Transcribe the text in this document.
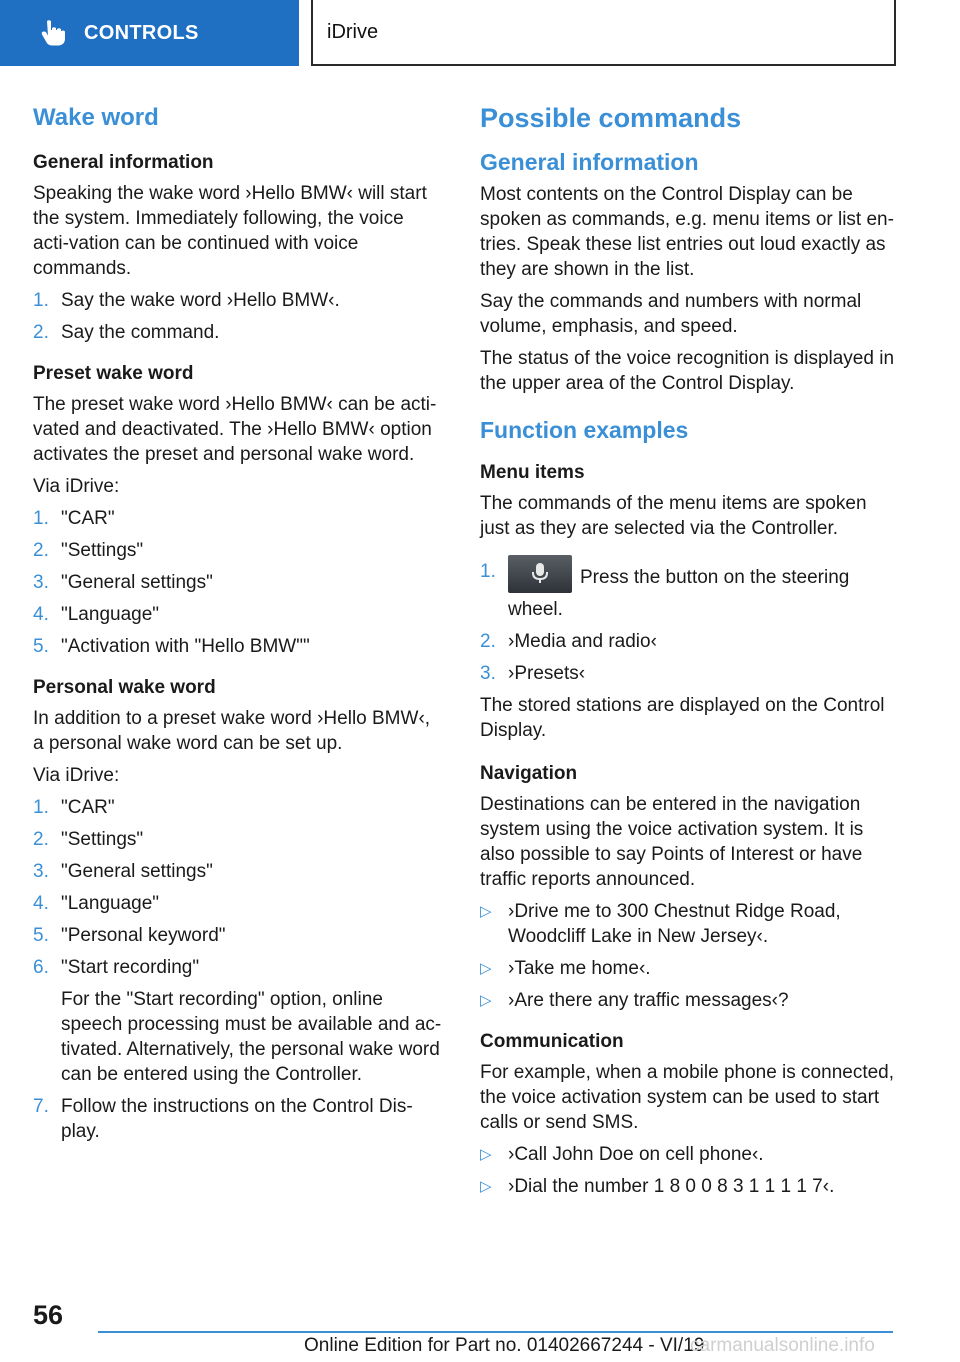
CONTROLS	iDrive
Wake word
General information

Speaking the wake word ›Hello BMW‹ will start the system. Immediately following, the voice acti-vation can be continued with voice commands.

1. Say the wake word ›Hello BMW‹.
2. Say the command.
Preset wake word

The preset wake word ›Hello BMW‹ can be acti-vated and deactivated. The ›Hello BMW‹ option activates the preset and personal wake word.

Via iDrive:

1. "CAR"
2. "Settings"
3. "General settings"
4. "Language"
5. "Activation with "Hello BMW""
Personal wake word

In addition to a preset wake word ›Hello BMW‹, a personal wake word can be set up.

Via iDrive:

1. "CAR"
2. "Settings"
3. "General settings"
4. "Language"
5. "Personal keyword"
6. "Start recording"
For the "Start recording" option, online speech processing must be available and ac-tivated. Alternatively, the personal wake word can be entered using the Controller.
7. Follow the instructions on the Control Dis-play.
Possible commands
General information

Most contents on the Control Display can be spoken as commands, e.g. menu items or list en-tries. Speak these list entries out loud exactly as they are shown in the list.

Say the commands and numbers with normal volume, emphasis, and speed.

The status of the voice recognition is displayed in the upper area of the Control Display.

Function examples
Menu items

The commands of the menu items are spoken just as they are selected via the Controller.

1.	Press the button on the steering wheel.
2. ›Media and radio‹
3. ›Presets‹

The stored stations are displayed on the Control Display.

Navigation

Destinations can be entered in the navigation system using the voice activation system. It is also possible to say Points of Interest or have traffic reports announced.

▷ ›Drive me to 300 Chestnut Ridge Road, Woodcliff Lake in New Jersey‹.
▷ ›Take me home‹.
▷ ›Are there any traffic messages‹?
Communication

For example, when a mobile phone is connected, the voice activation system can be used to start calls or send SMS.

▷ ›Call John Doe on cell phone‹.
▷ ›Dial the number 1 8 0 0 8 3 1 1 1 1 7‹.
56
Online Edition for Part no. 01402667244 - VI/19
carmanualsonline.info
